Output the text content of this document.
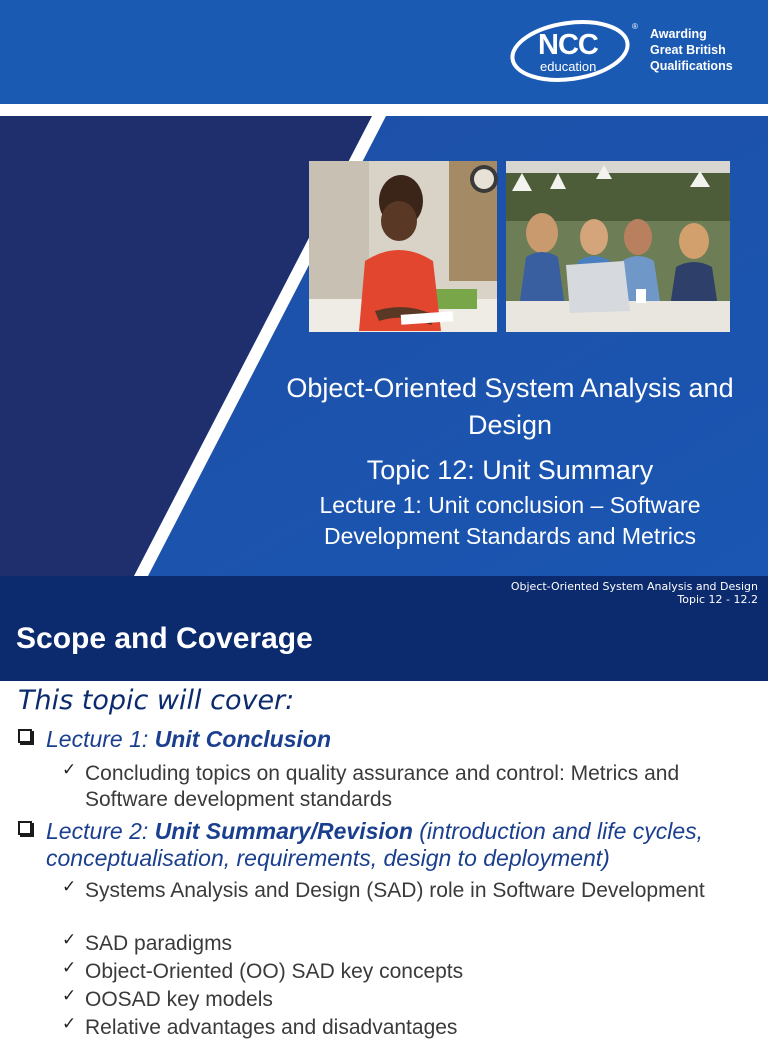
NCC
education
®
Awarding
Great British
Qualifications
Object-Oriented System Analysis and
Design
Topic 12: Unit Summary
Lecture 1: Unit conclusion – Software
Development Standards and Metrics
Object-Oriented System Analysis and Design
Topic 12 - 12.2
Scope and Coverage
This topic will cover:
Lecture 1: Unit Conclusion
✓ Concluding topics on quality assurance and control: Metrics and Software development standards
Lecture 2: Unit Summary/Revision (introduction and life cycles, conceptualisation, requirements, design to deployment)
✓ Systems Analysis and Design (SAD) role in Software Development
✓ SAD paradigms
✓ Object-Oriented (OO) SAD key concepts
✓ OOSAD key models
✓ Relative advantages and disadvantages
